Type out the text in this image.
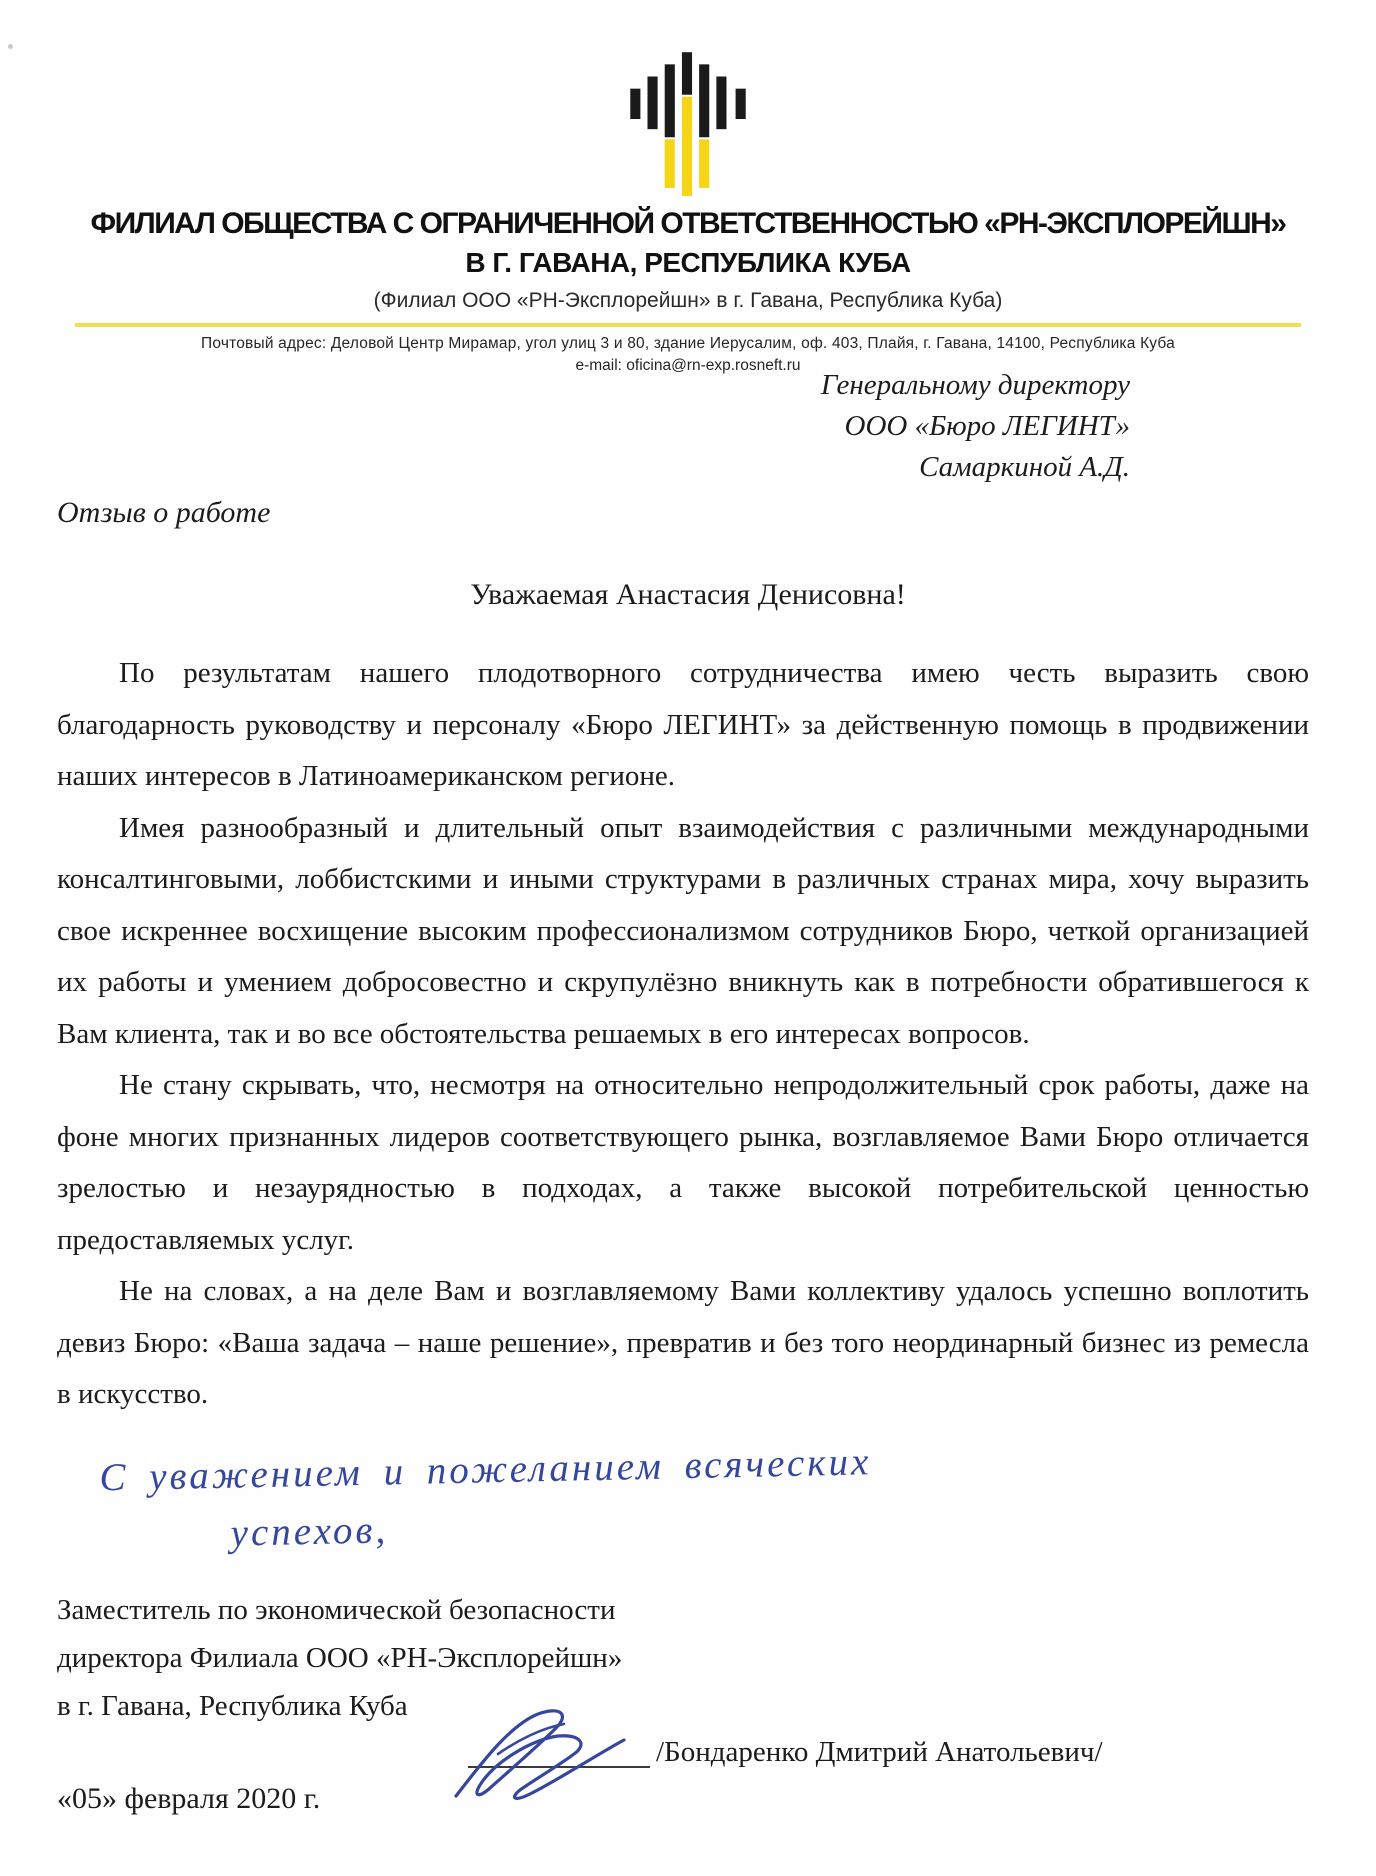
ФИЛИАЛ ОБЩЕСТВА С ОГРАНИЧЕННОЙ ОТВЕТСТВЕННОСТЬЮ «РН-ЭКСПЛОРЕЙШН»
В Г. ГАВАНА, РЕСПУБЛИКА КУБА
(Филиал ООО «РН-Эксплорейшн» в г. Гавана, Республика Куба)
Почтовый адрес: Деловой Центр Мирамар, угол улиц 3 и 80, здание Иерусалим, оф. 403, Плайя, г. Гавана, 14100, Республика Куба
e-mail: oficina@rn-exp.rosneft.ru
Генеральному директору
ООО «Бюро ЛЕГИНТ»
Самаркиной А.Д.
Отзыв о работе
Уважаемая Анастасия Денисовна!

По результатам нашего плодотворного сотрудничества имею честь выразить свою благодарность руководству и персоналу «Бюро ЛЕГИНТ» за действенную помощь в продвижении наших интересов в Латиноамериканском регионе.

Имея разнообразный и длительный опыт взаимодействия с различными международными консалтинговыми, лоббистскими и иными структурами в различных странах мира, хочу выразить свое искреннее восхищение высоким профессионализмом сотрудников Бюро, четкой организацией их работы и умением добросовестно и скрупулёзно вникнуть как в потребности обратившегося к Вам клиента, так и во все обстоятельства решаемых в его интересах вопросов.

Не стану скрывать, что, несмотря на относительно непродолжительный срок работы, даже на фоне многих признанных лидеров соответствующего рынка, возглавляемое Вами Бюро отличается зрелостью и незаурядностью в подходах, а также высокой потребительской ценностью предоставляемых услуг.

Не на словах, а на деле Вам и возглавляемому Вами коллективу удалось успешно воплотить девиз Бюро: «Ваша задача – наше решение», превратив и без того неординарный бизнес из ремесла в искусство.

С уважением и пожеланием всяческих
успехов,
Заместитель по экономической безопасности
директора Филиала ООО «РН-Эксплорейшн»
в г. Гавана, Республика Куба
/Бондаренко Дмитрий Анатольевич/
«05» февраля 2020 г.
